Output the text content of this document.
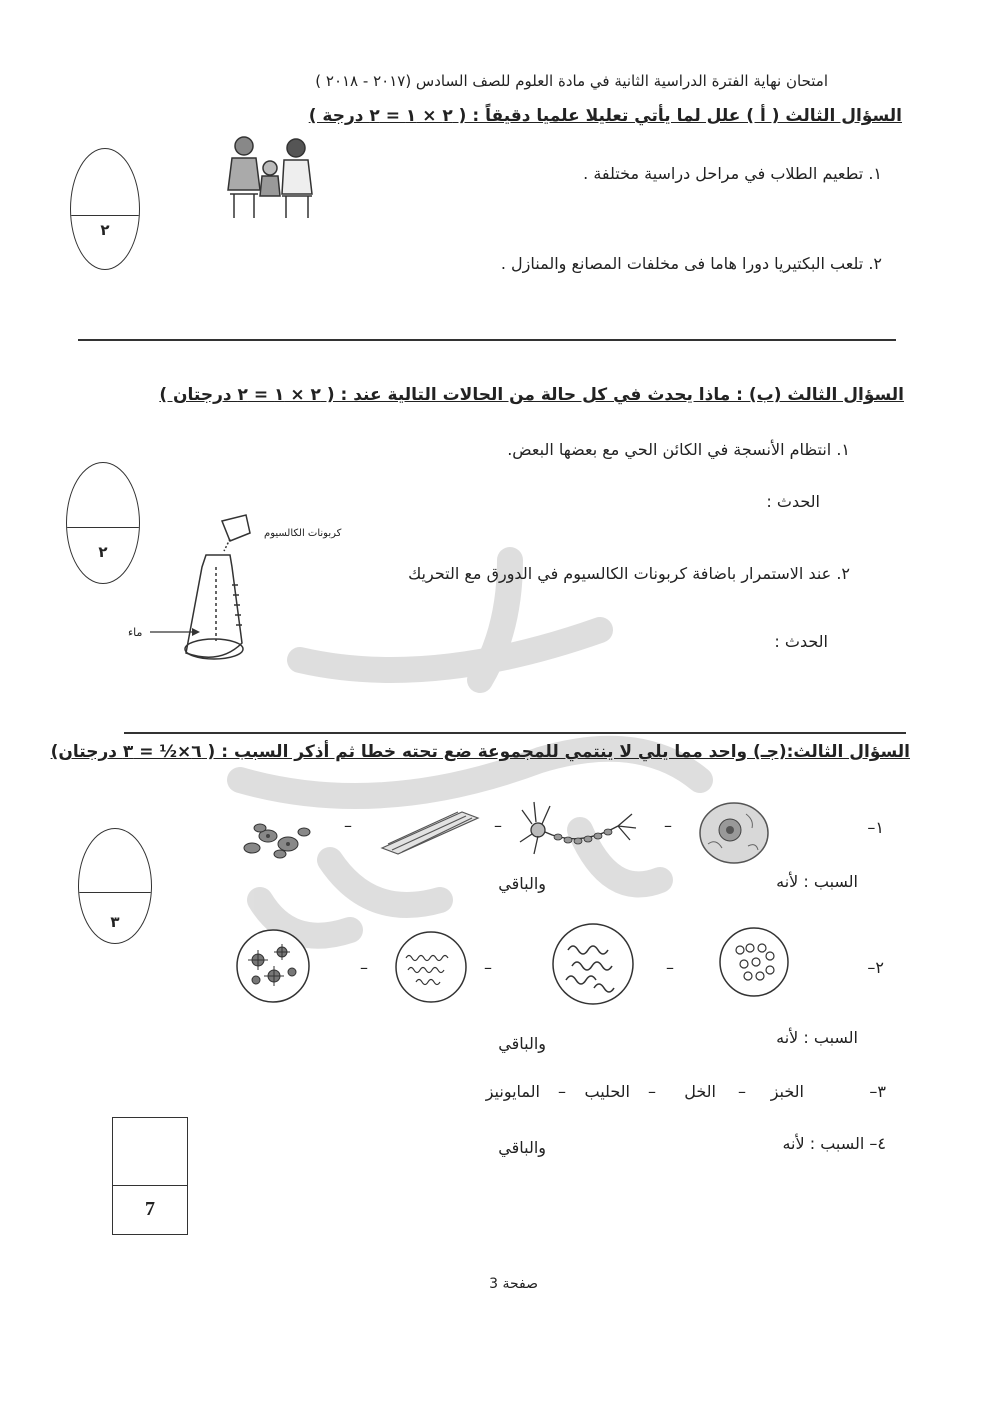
امتحان نهاية الفترة الدراسية الثانية في مادة العلوم للصف السادس (٢٠١٧ - ٢٠١٨ )
السؤال الثالث ( أ ) علل لما يأتي تعليلا علميا دقيقاً : ( ٢ × ١ = ٢ درجة )
١. تطعيم الطلاب في مراحل دراسية مختلفة .
٢. تلعب البكتيريا دورا هاما فى مخلفات المصانع والمنازل .
٢
السؤال الثالث (ب) : ماذا يحدث في كل حالة من الحالات التالية عند : ( ٢ × ١ = ٢ درجتان )
١. انتظام الأنسجة في الكائن الحي مع بعضها البعض.
الحدث :
٢. عند الاستمرار باضافة كربونات الكالسيوم في الدورق مع التحريك
الحدث :
٢
كربونات الكالسيوم
ماء
السؤال الثالث:(جـ) واحد مما يلي لا ينتمي للمجموعة ضع تحته خطا ثم أذكر السبب : ( ٦×½ = ٣ درجتان)
٣
١–
–
–
–
السبب : لأنه
والباقي
٢–
–
–
–
السبب : لأنه
والباقي
٣–
الخبز
–
الخل
–
الحليب
–
المايونيز
٤– السبب : لأنه
والباقي
7
صفحة 3
